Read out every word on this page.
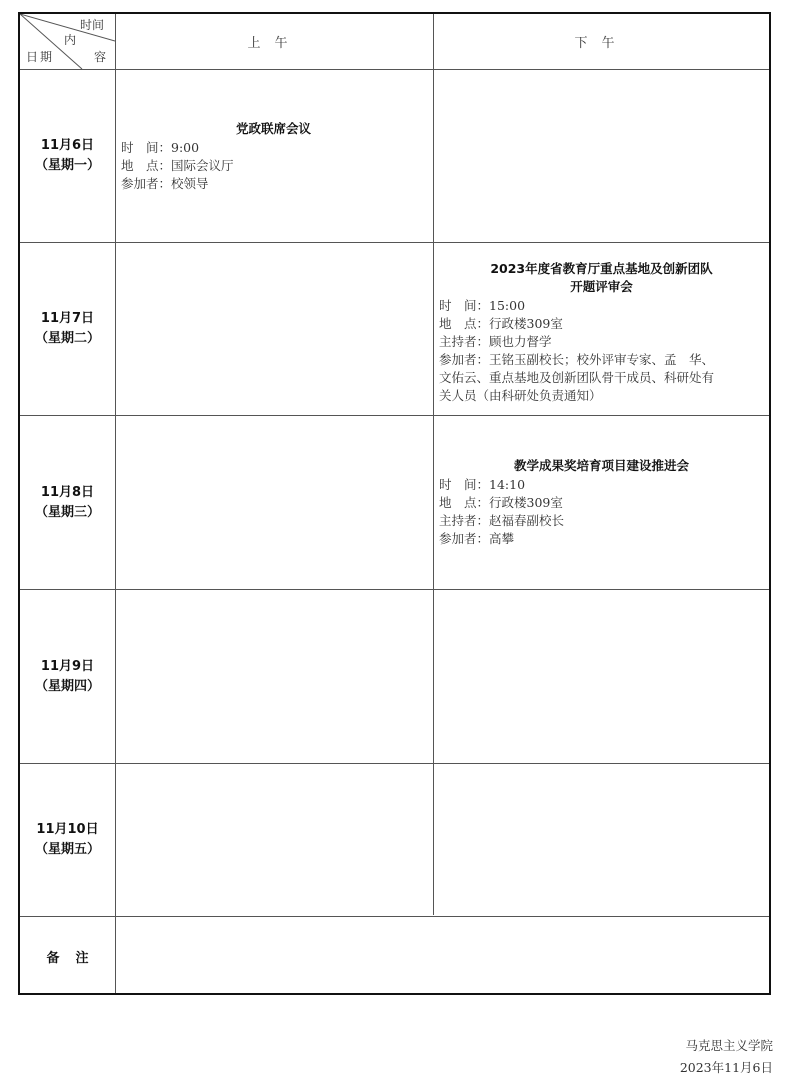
时间
内
日期	容
上午	下午
11月6日
（星期一）
11月7日
（星期二）
11月8日
（星期三）
11月9日
（星期四）
11月10日
（星期五）
党政联席会议
时　间：9:00
地　点：国际会议厅
参加者：校领导
2023年度省教育厅重点基地及创新团队
开题评审会
时　间：15:00
地　点：行政楼309室
主持者：顾也力督学
参加者：王铭玉副校长；校外评审专家、孟　华、
文佑云、重点基地及创新团队骨干成员、科研处有
关人员（由科研处负责通知）
教学成果奖培育项目建设推进会
时　间：14:10
地　点：行政楼309室
主持者：赵福春副校长
参加者：高攀
备注
马克思主义学院
2023年11月6日
